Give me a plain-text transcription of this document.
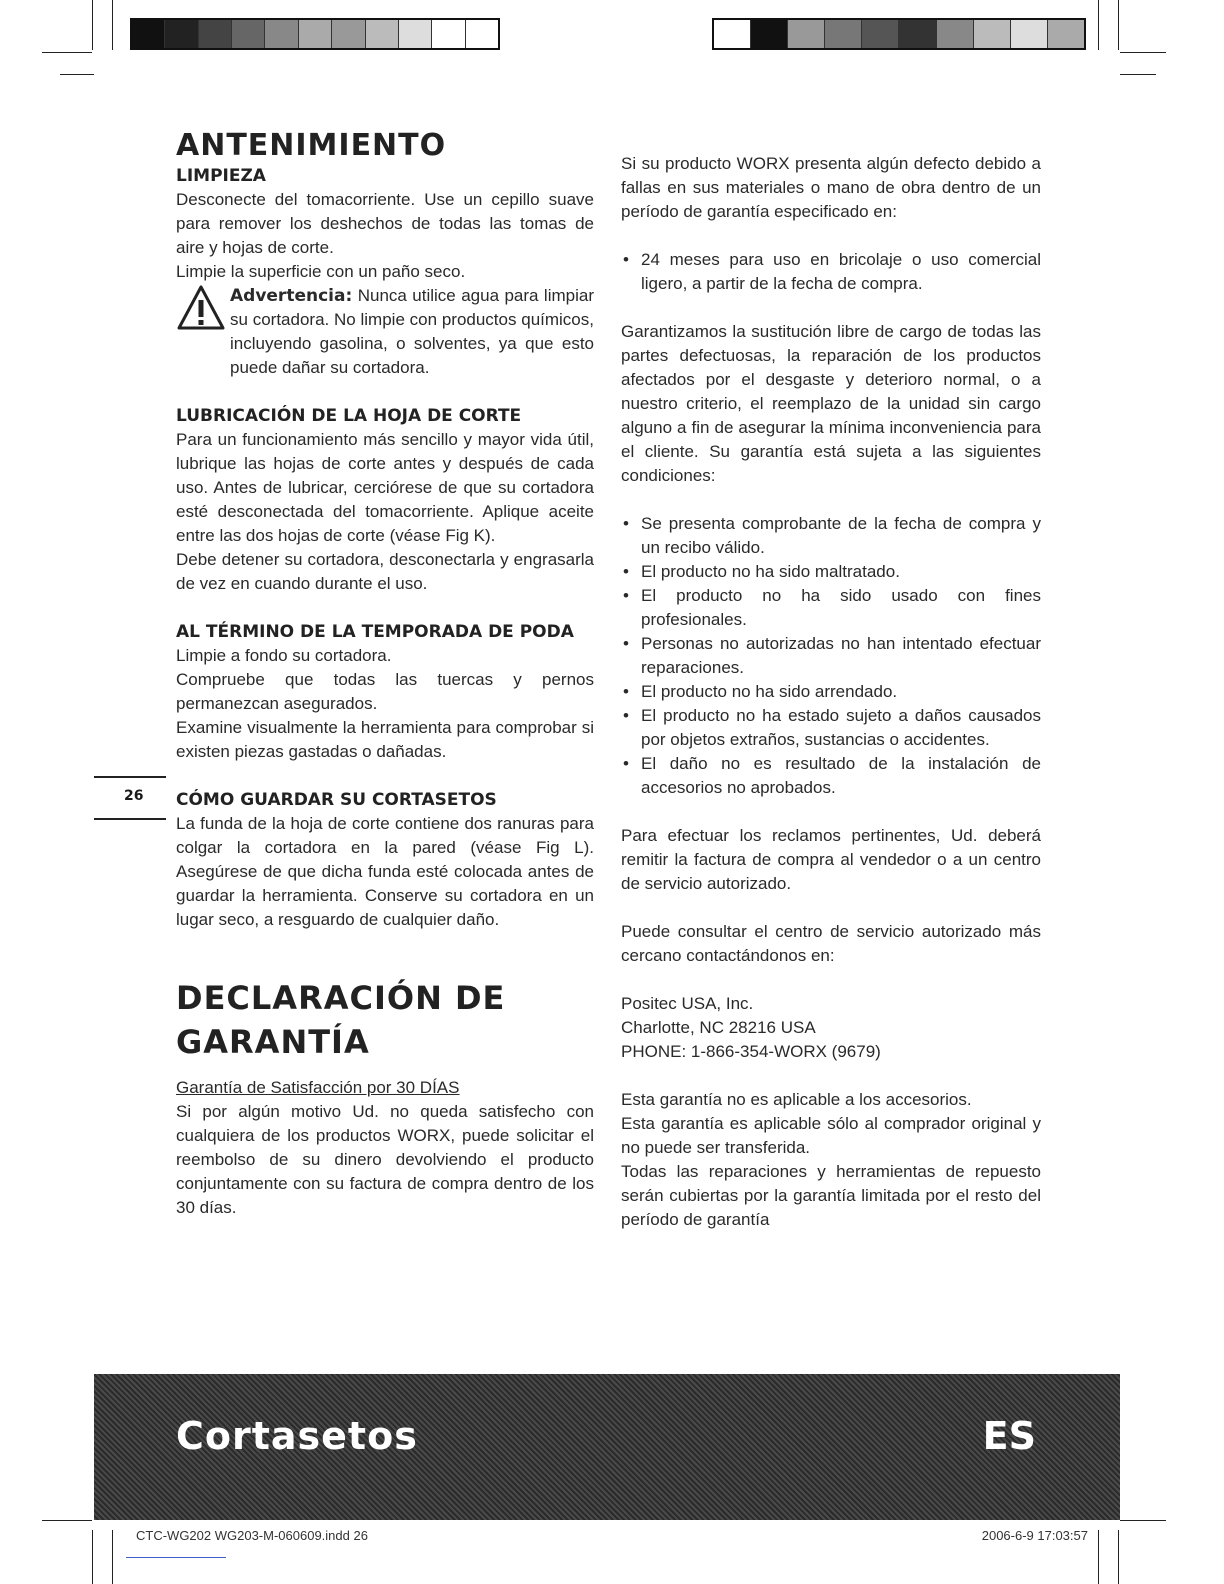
ANTENIMIENTO
LIMPIEZA

Desconecte del tomacorriente. Use un cepillo suave para remover los deshechos de todas las tomas de aire y hojas de corte.

Limpie la superficie con un paño seco.

Advertencia: Nunca utilice agua para limpiar su cortadora. No limpie con productos químicos, incluyendo gasolina, o solventes, ya que esto puede dañar su cortadora.

LUBRICACIÓN DE LA HOJA DE CORTE

Para un funcionamiento más sencillo y mayor vida útil, lubrique las hojas de corte antes y después de cada uso. Antes de lubricar, cerciórese de que su cortadora esté desconectada del tomacorriente. Aplique aceite entre las dos hojas de corte (véase Fig K).

Debe detener su cortadora, desconectarla y engrasarla de vez en cuando durante el uso.

AL TÉRMINO DE LA TEMPORADA DE PODA

Limpie a fondo su cortadora.

Compruebe que todas las tuercas y pernos permanezcan asegurados.

Examine visualmente la herramienta para comprobar si existen piezas gastadas o dañadas.

CÓMO GUARDAR SU CORTASETOS

La funda de la hoja de corte contiene dos ranuras para colgar la cortadora en la pared (véase Fig L). Asegúrese de que dicha funda esté colocada antes de guardar la herramienta. Conserve su cortadora en un lugar seco, a resguardo de cualquier daño.

DECLARACIÓN DE
GARANTÍA

Garantía de Satisfacción por 30 DÍAS

Si por algún motivo Ud. no queda satisfecho con cualquiera de los productos WORX, puede solicitar el reembolso de su dinero devolviendo el producto conjuntamente con su factura de compra dentro de los 30 días.

Si su producto WORX presenta algún defecto debido a fallas en sus materiales o mano de obra dentro de un período de garantía especificado en:

• 24 meses para uso en bricolaje o uso comercial ligero, a partir de la fecha de compra.

Garantizamos la sustitución libre de cargo de todas las partes defectuosas, la reparación de los productos afectados por el desgaste y deterioro normal, o a nuestro criterio, el reemplazo de la unidad sin cargo alguno a fin de asegurar la mínima inconveniencia para el cliente. Su garantía está sujeta a las siguientes condiciones:

• Se presenta comprobante de la fecha de compra y un recibo válido.
• El producto no ha sido maltratado.
• El producto no ha sido usado con fines profesionales.
• Personas no autorizadas no han intentado efectuar reparaciones.
• El producto no ha sido arrendado.
• El producto no ha estado sujeto a daños causados por objetos extraños, sustancias o accidentes.
• El daño no es resultado de la instalación de accesorios no aprobados.

Para efectuar los reclamos pertinentes, Ud. deberá remitir la factura de compra al vendedor o a un centro de servicio autorizado.

Puede consultar el centro de servicio autorizado más cercano contactándonos en:

Positec USA, Inc.

Charlotte, NC 28216 USA

PHONE: 1-866-354-WORX (9679)

Esta garantía no es aplicable a los accesorios.

Esta garantía es aplicable sólo al comprador original y no puede ser transferida.

Todas las reparaciones y herramientas de repuesto serán cubiertas por la garantía limitada por el resto del período de garantía

26
Cortasetos	ES
CTC-WG202 WG203-M-060609.indd 26	2006-6-9 17:03:57
